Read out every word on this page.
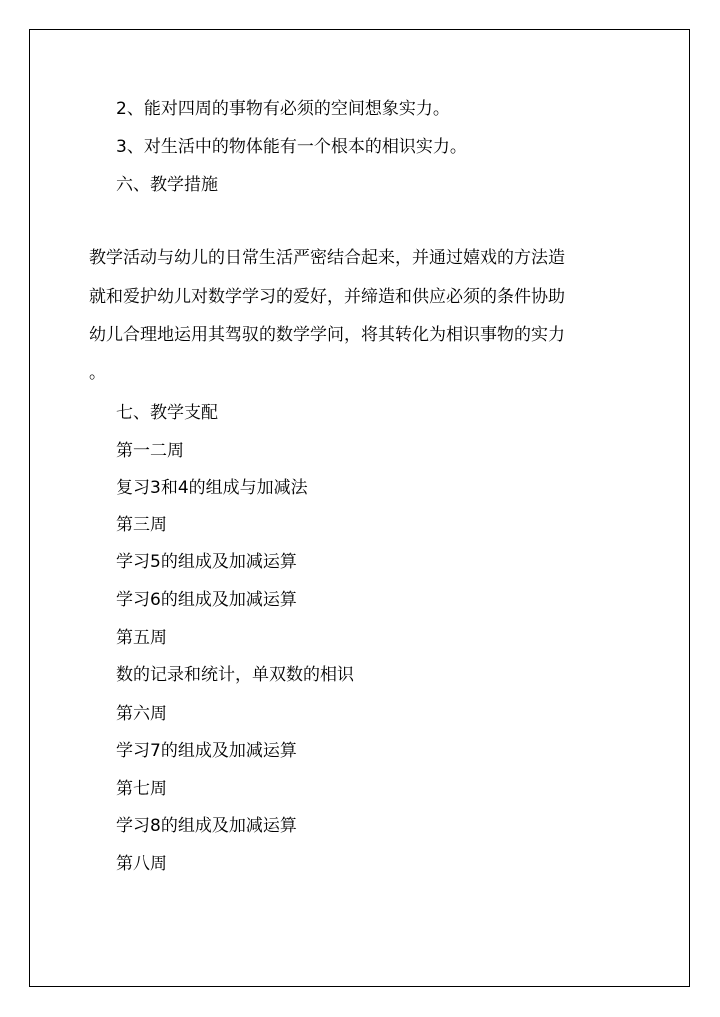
2、能对四周的事物有必须的空间想象实力。
3、对生活中的物体能有一个根本的相识实力。
六、教学措施
教学活动与幼儿的日常生活严密结合起来，并通过嬉戏的方法造
就和爱护幼儿对数学学习的爱好，并缔造和供应必须的条件协助
幼儿合理地运用其驾驭的数学学问，将其转化为相识事物的实力
。
七、教学支配
第一二周
复习3和4的组成与加减法
第三周
学习5的组成及加减运算
学习6的组成及加减运算
第五周
数的记录和统计，单双数的相识
第六周
学习7的组成及加减运算
第七周
学习8的组成及加减运算
第八周
